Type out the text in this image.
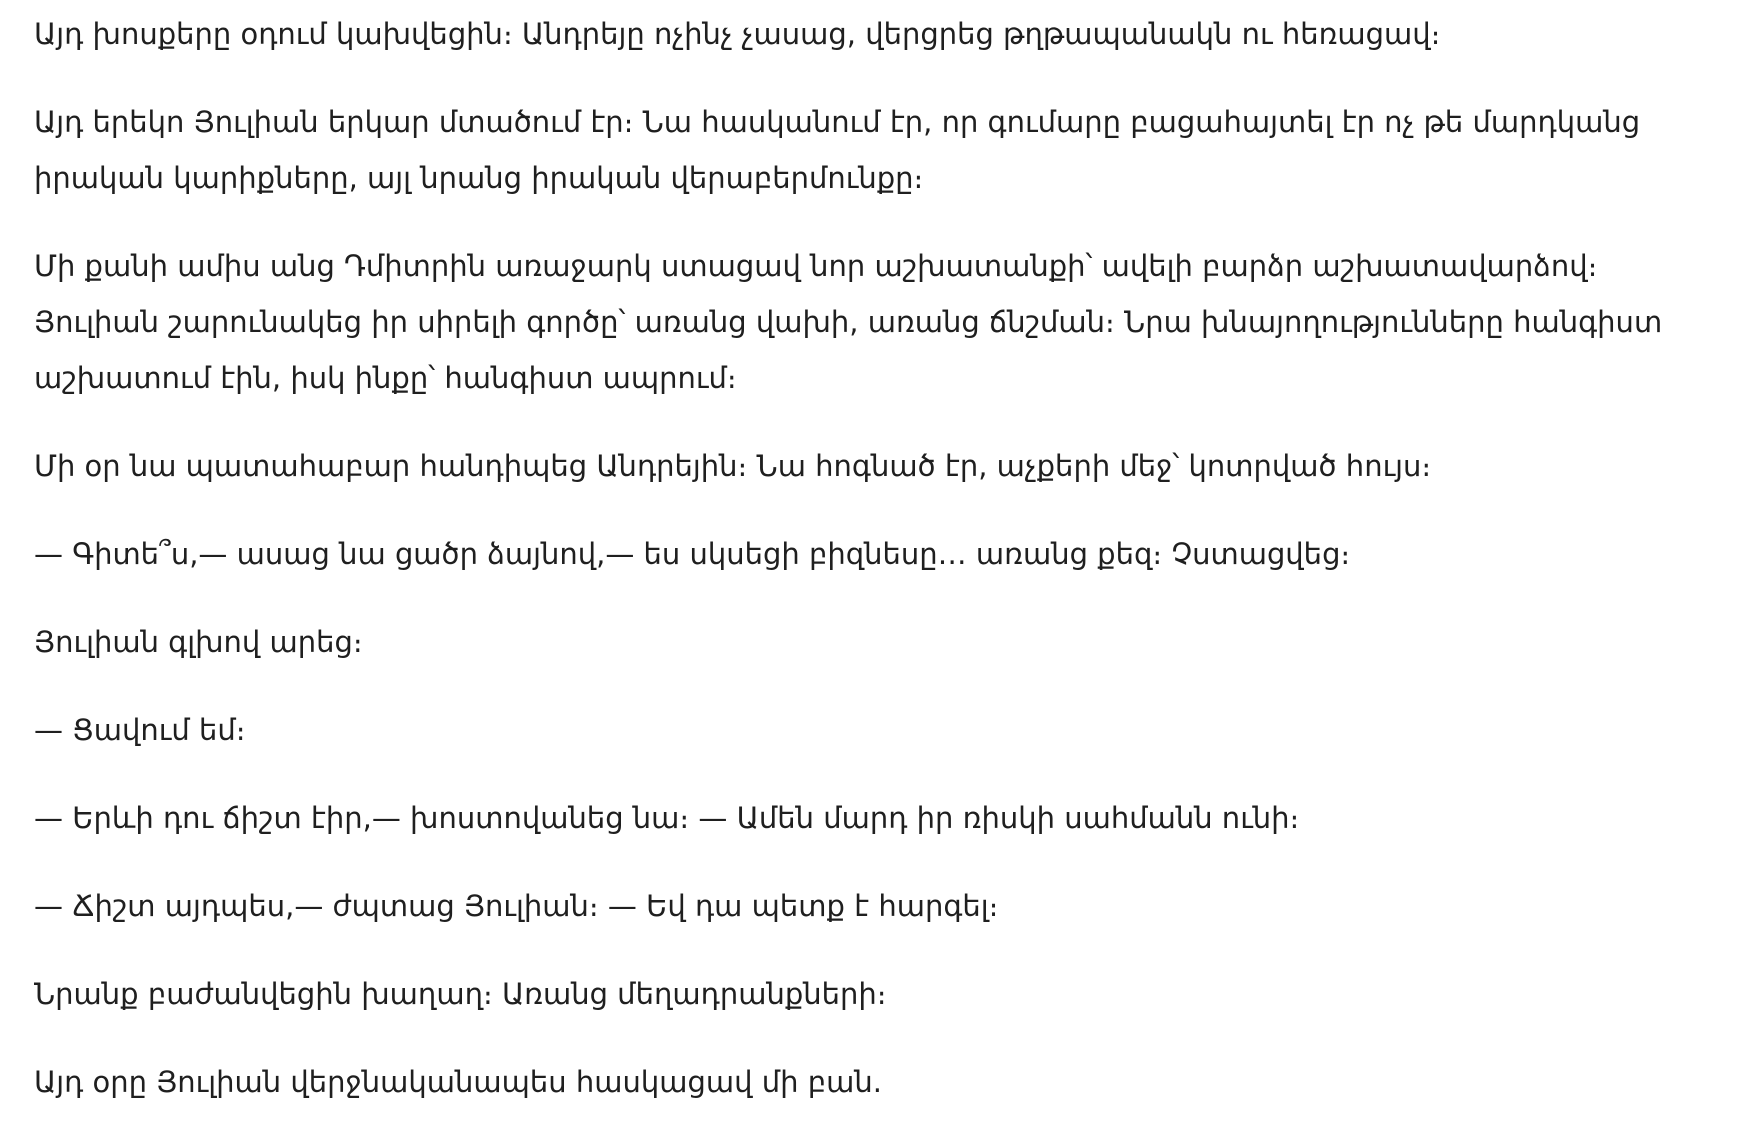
Այդ խոսքերը օդում կախվեցին։ Անդրեյը ոչինչ չասաց, վերցրեց թղթապանակն ու հեռացավ։

Այդ երեկո Յուլիան երկար մտածում էր։ Նա հասկանում էր, որ գումարը բացահայտել էր ոչ թե մարդկանց իրական կարիքները, այլ նրանց իրական վերաբերմունքը։

Մի քանի ամիս անց Դմիտրին առաջարկ ստացավ նոր աշխատանքի՝ ավելի բարձր աշխատավարձով։ Յուլիան շարունակեց իր սիրելի գործը՝ առանց վախի, առանց ճնշման։ Նրա խնայողությունները հանգիստ աշխատում էին, իսկ ինքը՝ հանգիստ ապրում։

Մի օր նա պատահաբար հանդիպեց Անդրեյին։ Նա հոգնած էր, աչքերի մեջ՝ կոտրված հույս։

— Գիտե՞ս,— ասաց նա ցածր ձայնով,— ես սկսեցի բիզնեսը… առանց քեզ։ Չստացվեց։

Յուլիան գլխով արեց։

— Ցավում եմ։

— Երևի դու ճիշտ էիր,— խոստովանեց նա։ — Ամեն մարդ իր ռիսկի սահմանն ունի։

— Ճիշտ այդպես,— ժպտաց Յուլիան։ — Եվ դա պետք է հարգել։

Նրանք բաժանվեցին խաղաղ։ Առանց մեղադրանքների։

Այդ օրը Յուլիան վերջնականապես հասկացավ մի բան.
